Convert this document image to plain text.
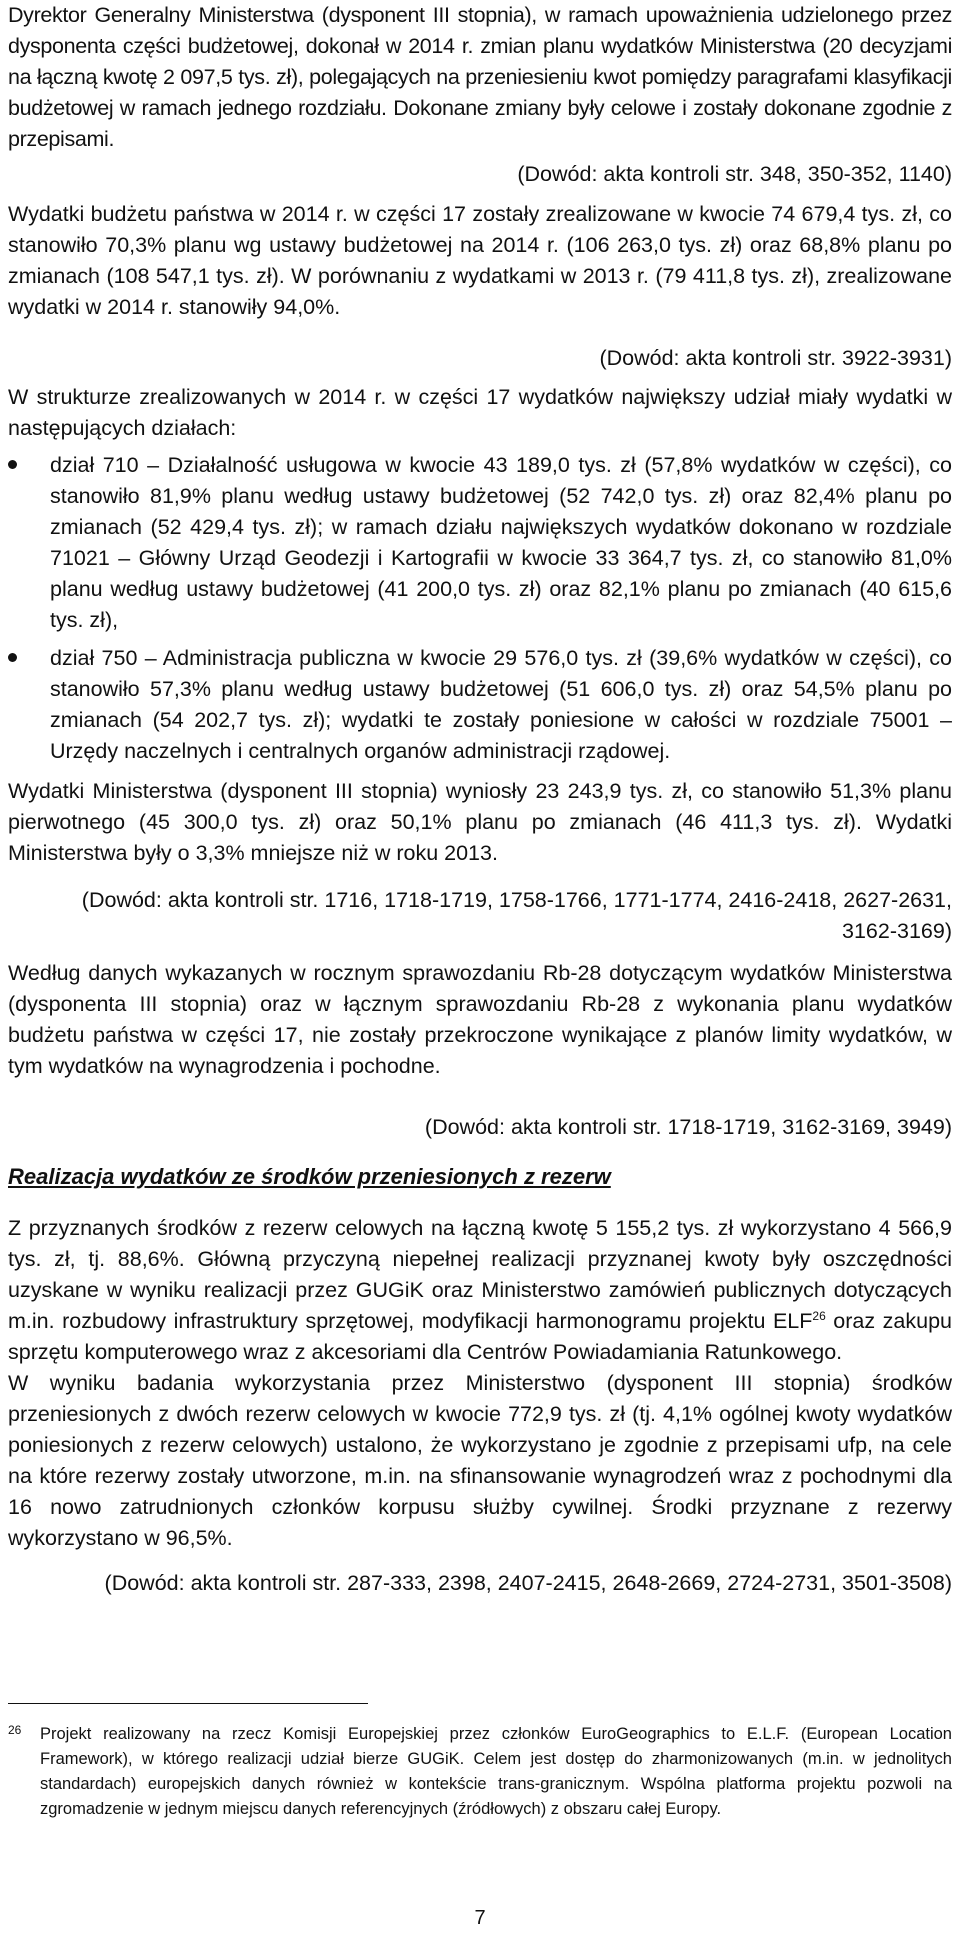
Dyrektor Generalny Ministerstwa (dysponent III stopnia), w ramach upoważnienia udzielonego przez dysponenta części budżetowej, dokonał w 2014 r. zmian planu wydatków Ministerstwa (20 decyzjami na łączną kwotę 2 097,5 tys. zł), polegających na przeniesieniu kwot pomiędzy paragrafami klasyfikacji budżetowej w ramach jednego rozdziału. Dokonane zmiany były celowe i zostały dokonane zgodnie z przepisami.

(Dowód: akta kontroli str. 348, 350-352, 1140)

Wydatki budżetu państwa w 2014 r. w części 17 zostały zrealizowane w kwocie 74 679,4 tys. zł, co stanowiło 70,3% planu wg ustawy budżetowej na 2014 r. (106 263,0 tys. zł) oraz 68,8% planu po zmianach (108 547,1 tys. zł). W porównaniu z wydatkami w 2013 r. (79 411,8 tys. zł), zrealizowane wydatki w 2014 r. stanowiły 94,0%.

(Dowód: akta kontroli str. 3922-3931)

W strukturze zrealizowanych w 2014 r. w części 17 wydatków największy udział miały wydatki w następujących działach:

dział 710 – Działalność usługowa w kwocie 43 189,0 tys. zł (57,8% wydatków w części), co stanowiło 81,9% planu według ustawy budżetowej (52 742,0 tys. zł) oraz 82,4% planu po zmianach (52 429,4 tys. zł); w ramach działu największych wydatków dokonano w rozdziale 71021 – Główny Urząd Geodezji i Kartografii w kwocie 33 364,7 tys. zł, co stanowiło 81,0% planu według ustawy budżetowej (41 200,0 tys. zł) oraz 82,1% planu po zmianach (40 615,6 tys. zł),
dział 750 – Administracja publiczna w kwocie 29 576,0 tys. zł (39,6% wydatków w części), co stanowiło 57,3% planu według ustawy budżetowej (51 606,0 tys. zł) oraz 54,5% planu po zmianach (54 202,7 tys. zł); wydatki te zostały poniesione w całości w rozdziale 75001 – Urzędy naczelnych i centralnych organów administracji rządowej.

Wydatki Ministerstwa (dysponent III stopnia) wyniosły 23 243,9 tys. zł, co stanowiło 51,3% planu pierwotnego (45 300,0 tys. zł) oraz 50,1% planu po zmianach (46 411,3 tys. zł). Wydatki Ministerstwa były o 3,3% mniejsze niż w roku 2013.

(Dowód: akta kontroli str. 1716, 1718-1719, 1758-1766, 1771-1774, 2416-2418, 2627-2631,

3162-3169)

Według danych wykazanych w rocznym sprawozdaniu Rb-28 dotyczącym wydatków Ministerstwa (dysponenta III stopnia) oraz w łącznym sprawozdaniu Rb-28 z wykonania planu wydatków budżetu państwa w części 17, nie zostały przekroczone wynikające z planów limity wydatków, w tym wydatków na wynagrodzenia i pochodne.

(Dowód: akta kontroli str. 1718-1719, 3162-3169, 3949)

Realizacja wydatków ze środków przeniesionych z rezerw

Z przyznanych środków z rezerw celowych na łączną kwotę 5 155,2 tys. zł wykorzystano 4 566,9 tys. zł, tj. 88,6%. Główną przyczyną niepełnej realizacji przyznanej kwoty były oszczędności uzyskane w wyniku realizacji przez GUGiK oraz Ministerstwo zamówień publicznych dotyczących m.in. rozbudowy infrastruktury sprzętowej, modyfikacji harmonogramu projektu ELF$^{26}$ oraz zakupu sprzętu komputerowego wraz z akcesoriami dla Centrów Powiadamiania Ratunkowego.

W wyniku badania wykorzystania przez Ministerstwo (dysponent III stopnia) środków przeniesionych z dwóch rezerw celowych w kwocie 772,9 tys. zł (tj. 4,1% ogólnej kwoty wydatków poniesionych z rezerw celowych) ustalono, że wykorzystano je zgodnie z przepisami ufp, na cele na które rezerwy zostały utworzone, m.in. na sfinansowanie wynagrodzeń wraz z pochodnymi dla 16 nowo zatrudnionych członków korpusu służby cywilnej. Środki przyznane z rezerwy wykorzystano w 96,5%.

(Dowód: akta kontroli str. 287-333, 2398, 2407-2415, 2648-2669, 2724-2731, 3501-3508)

26 Projekt realizowany na rzecz Komisji Europejskiej przez członków EuroGeographics to E.L.F. (European Location Framework), w którego realizacji udział bierze GUGiK. Celem jest dostęp do zharmonizowanych (m.in. w jednolitych standardach) europejskich danych również w kontekście trans-granicznym. Wspólna platforma projektu pozwoli na zgromadzenie w jednym miejscu danych referencyjnych (źródłowych) z obszaru całej Europy.

7
